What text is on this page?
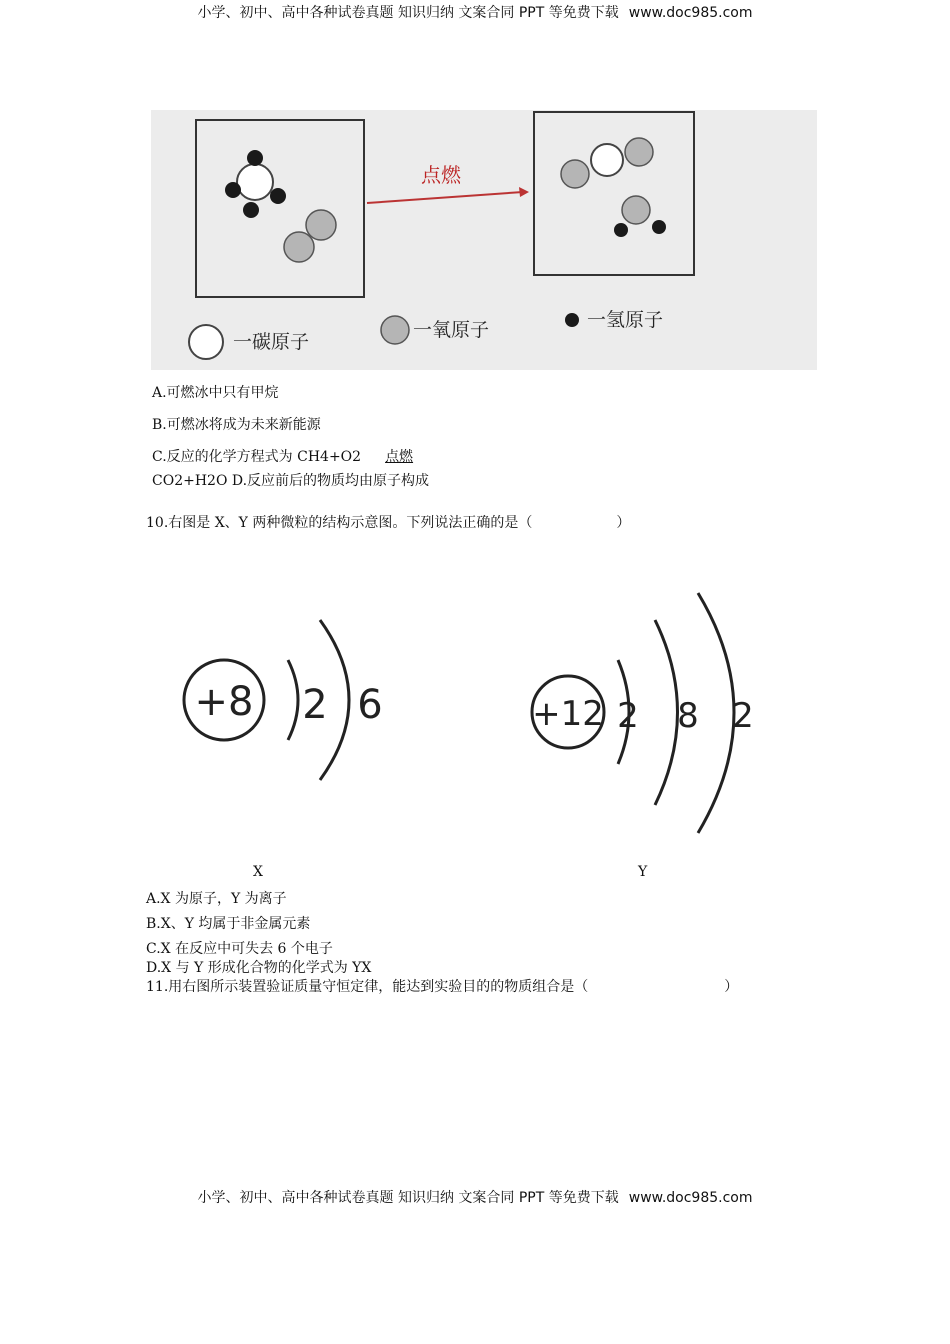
小学、初中、高中各种试卷真题 知识归纳 文案合同 PPT 等免费下载 www.doc985.com
点燃
一碳原子
一氧原子	一氢原子
A.可燃冰中只有甲烷
B.可燃冰将成为未来新能源
C.反应的化学方程式为 CH4+O2 点燃
CO2+H2O D.反应前后的物质均由原子构成
10.右图是 X、Y 两种微粒的结构示意图。下列说法正确的是（	）
+8 2 6	+12 2 8 2
X	Y
A.X 为原子，Y 为离子
B.X、Y 均属于非金属元素
C.X 在反应中可失去 6 个电子
D.X 与 Y 形成化合物的化学式为 YX
11.用右图所示装置验证质量守恒定律，能达到实验目的的物质组合是（	）
小学、初中、高中各种试卷真题 知识归纳 文案合同 PPT 等免费下载 www.doc985.com
